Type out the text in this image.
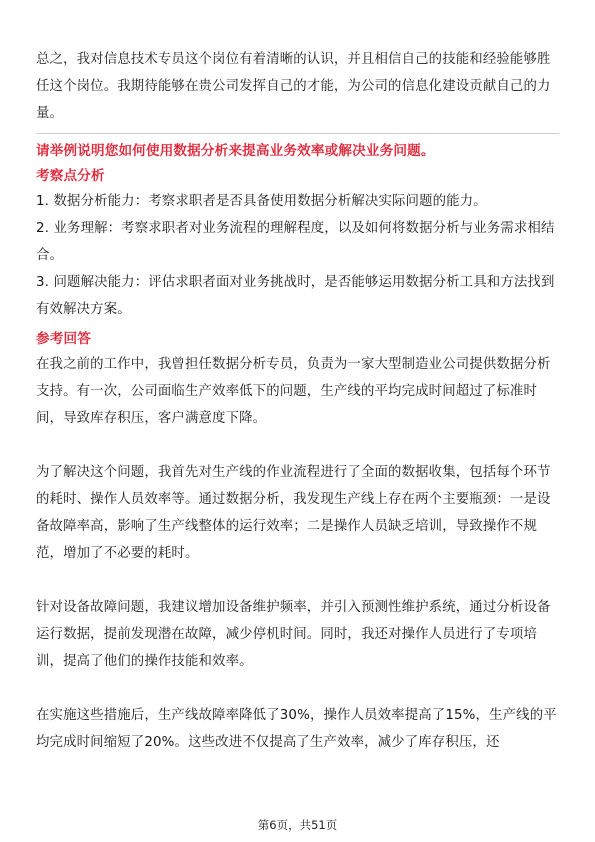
总之，我对信息技术专员这个岗位有着清晰的认识，并且相信自己的技能和经验能够胜任这个岗位。我期待能够在贵公司发挥自己的才能，为公司的信息化建设贡献自己的力量。

请举例说明您如何使用数据分析来提高业务效率或解决业务问题。

考察点分析

1. 数据分析能力：考察求职者是否具备使用数据分析解决实际问题的能力。

2. 业务理解：考察求职者对业务流程的理解程度，以及如何将数据分析与业务需求相结合。

3. 问题解决能力：评估求职者面对业务挑战时，是否能够运用数据分析工具和方法找到有效解决方案。

参考回答

在我之前的工作中，我曾担任数据分析专员，负责为一家大型制造业公司提供数据分析支持。有一次，公司面临生产效率低下的问题，生产线的平均完成时间超过了标准时间，导致库存积压，客户满意度下降。

为了解决这个问题，我首先对生产线的作业流程进行了全面的数据收集，包括每个环节的耗时、操作人员效率等。通过数据分析，我发现生产线上存在两个主要瓶颈：一是设备故障率高，影响了生产线整体的运行效率；二是操作人员缺乏培训，导致操作不规范，增加了不必要的耗时。

针对设备故障问题，我建议增加设备维护频率，并引入预测性维护系统，通过分析设备运行数据，提前发现潜在故障，减少停机时间。同时，我还对操作人员进行了专项培训，提高了他们的操作技能和效率。

在实施这些措施后，生产线故障率降低了30%，操作人员效率提高了15%，生产线的平均完成时间缩短了20%。这些改进不仅提高了生产效率，减少了库存积压，还

第6页，共51页
